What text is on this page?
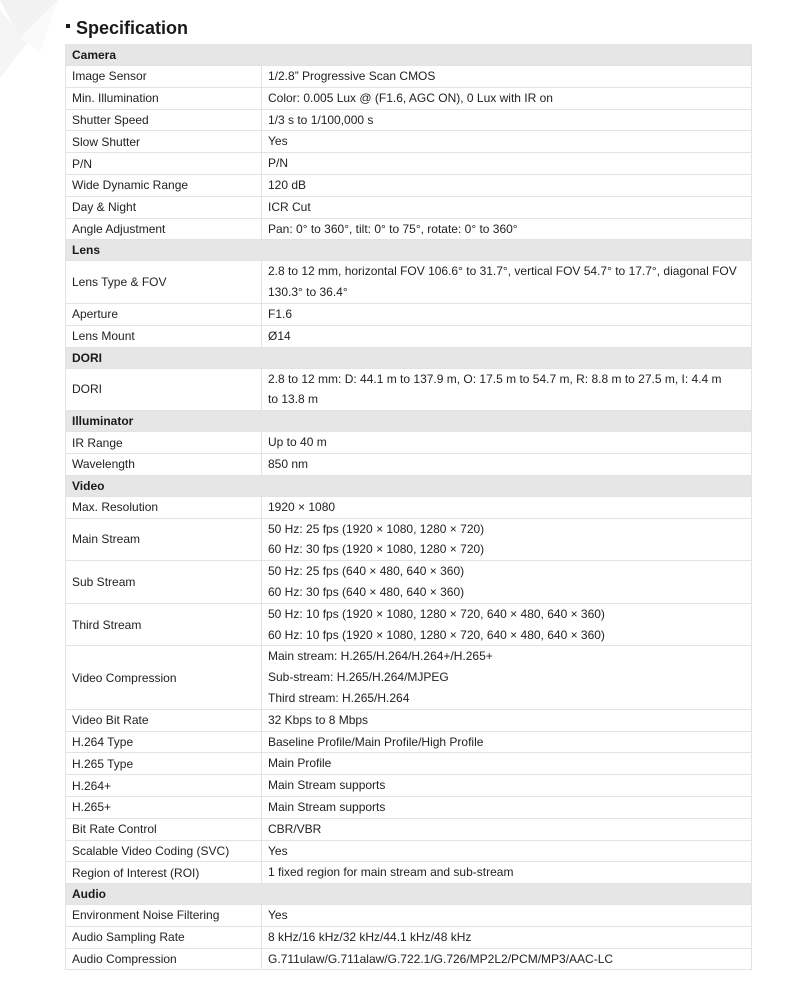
Specification
Camera	
Image Sensor	1/2.8” Progressive Scan CMOS

Min. Illumination	Color: 0.005 Lux @ (F1.6, AGC ON), 0 Lux with IR on

Shutter Speed	1/3 s to 1/100,000 s

Slow Shutter	Yes

P/N	P/N

Wide Dynamic Range	120 dB

Day & Night	ICR Cut

Angle Adjustment	Pan: 0° to 360°, tilt: 0° to 75°, rotate: 0° to 360°

Lens	
Lens Type & FOV	2.8 to 12 mm, horizontal FOV 106.6° to 31.7°, vertical FOV 54.7° to 17.7°, diagonal FOV
130.3° to 36.4°

Aperture	F1.6

Lens Mount	Ø14

DORI	
DORI	2.8 to 12 mm: D: 44.1 m to 137.9 m, O: 17.5 m to 54.7 m, R: 8.8 m to 27.5 m, I: 4.4 m
to 13.8 m

Illuminator	
IR Range	Up to 40 m

Wavelength	850 nm

Video	
Max. Resolution	1920 × 1080

Main Stream	50 Hz: 25 fps (1920 × 1080, 1280 × 720)
60 Hz: 30 fps (1920 × 1080, 1280 × 720)

Sub Stream	50 Hz: 25 fps (640 × 480, 640 × 360)
60 Hz: 30 fps (640 × 480, 640 × 360)

Third Stream	50 Hz: 10 fps (1920 × 1080, 1280 × 720, 640 × 480, 640 × 360)
60 Hz: 10 fps (1920 × 1080, 1280 × 720, 640 × 480, 640 × 360)

Video Compression	Main stream: H.265/H.264/H.264+/H.265+
Sub-stream: H.265/H.264/MJPEG
Third stream: H.265/H.264

Video Bit Rate	32 Kbps to 8 Mbps

H.264 Type	Baseline Profile/Main Profile/High Profile

H.265 Type	Main Profile

H.264+	Main Stream supports

H.265+	Main Stream supports

Bit Rate Control	CBR/VBR

Scalable Video Coding (SVC)	Yes

Region of Interest (ROI)	1 fixed region for main stream and sub-stream

Audio	
Environment Noise Filtering	Yes

Audio Sampling Rate	8 kHz/16 kHz/32 kHz/44.1 kHz/48 kHz

Audio Compression	G.711ulaw/G.711alaw/G.722.1/G.726/MP2L2/PCM/MP3/AAC-LC
